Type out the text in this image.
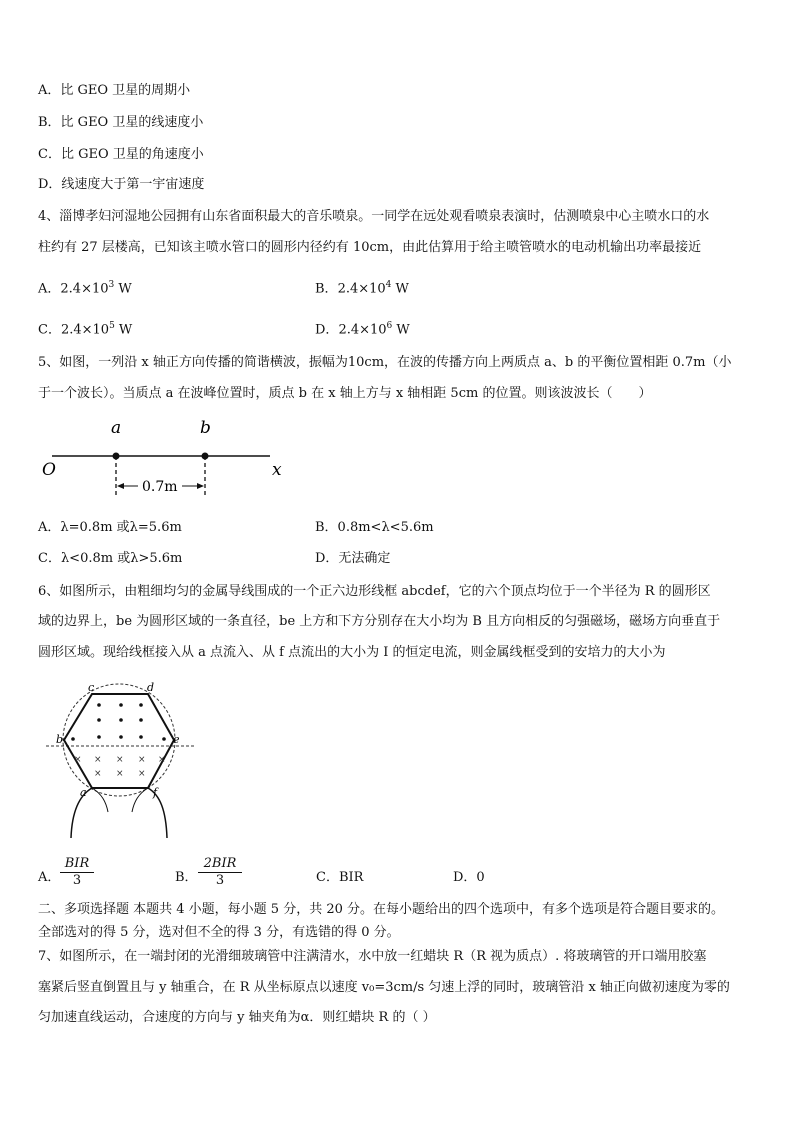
A．比 GEO 卫星的周期小
B．比 GEO 卫星的线速度小
C．比 GEO 卫星的角速度小
D．线速度大于第一宇宙速度
4、淄博孝妇河湿地公园拥有山东省面积最大的音乐喷泉。一同学在远处观看喷泉表演时，估测喷泉中心主喷水口的水
柱约有 27 层楼高，已知该主喷水管口的圆形内径约有 10cm，由此估算用于给主喷管喷水的电动机输出功率最接近
A．$2.4\times 10^3$ W	B．$2.4\times 10^4$ W
C．$2.4\times 10^5$ W	D．$2.4\times 10^6$ W
5、如图，一列沿 x 轴正方向传播的简谐横波，振幅为10cm，在波的传播方向上两质点 a、b 的平衡位置相距 0.7m（小
于一个波长）。当质点 a 在波峰位置时，质点 b 在 x 轴上方与 x 轴相距 5cm 的位置。则该波波长（　　）
O	x
a	b
0.7m
A．λ=0.8m 或λ=5.6m	B．0.8m<λ<5.6m
C．λ<0.8m 或λ>5.6m	D．无法确定
6、如图所示，由粗细均匀的金属导线围成的一个正六边形线框 abcdef，它的六个顶点均位于一个半径为 R 的圆形区
域的边界上，be 为圆形区域的一条直径，be 上方和下方分别存在大小均为 B 且方向相反的匀强磁场，磁场方向垂直于
圆形区域。现给线框接入从 a 点流入、从 f 点流出的大小为 I 的恒定电流，则金属线框受到的安培力的大小为
× × × × ×
× × ×
c	d
b	e
a	f
A．
BIR
3	B．
2BIR
3	C．BIR	D．0
二、多项选择题 本题共 4 小题，每小题 5 分，共 20 分。在每小题给出的四个选项中，有多个选项是符合题目要求的。
全部选对的得 5 分，选对但不全的得 3 分，有选错的得 0 分。
7、如图所示，在一端封闭的光滑细玻璃管中注满清水，水中放一红蜡块 R（R 视为质点）. 将玻璃管的开口端用胶塞
塞紧后竖直倒置且与 y 轴重合，在 R 从坐标原点以速度 v₀=3cm/s 匀速上浮的同时，玻璃管沿 x 轴正向做初速度为零的
匀加速直线运动，合速度的方向与 y 轴夹角为α．则红蜡块 R 的（ ）
